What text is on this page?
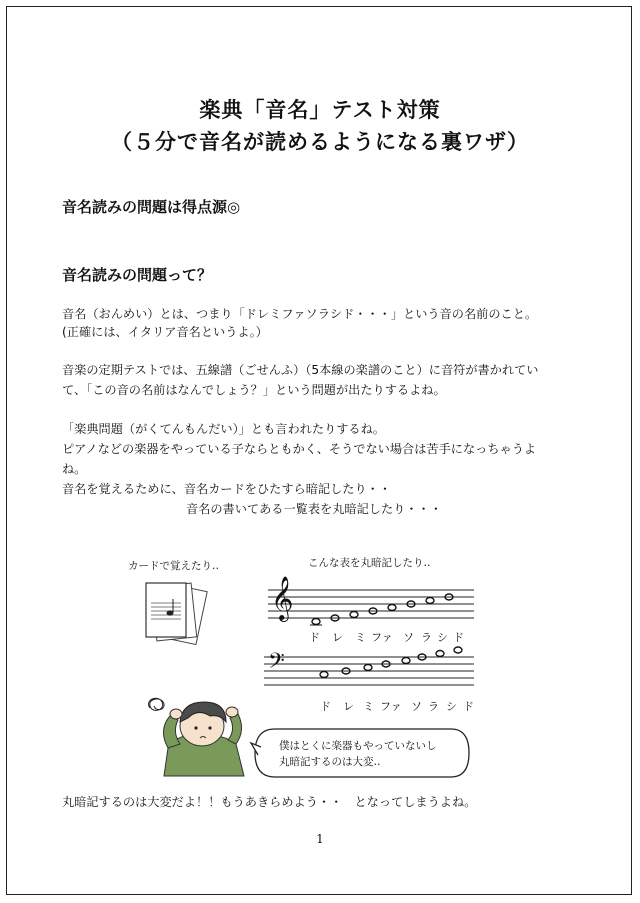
楽典「音名」テスト対策
（５分で音名が読めるようになる裏ワザ）
音名読みの問題は得点源◎
音名読みの問題って？
音名（おんめい）とは、つまり「ドレミファソラシド・・・」という音の名前のこと。
(正確には、イタリア音名というよ。）
音楽の定期テストでは、五線譜（ごせんふ）（5本線の楽譜のこと）に音符が書かれてい
て、「この音の名前はなんでしょう？」という問題が出たりするよね。
「楽典問題（がくてんもんだい）」とも言われたりするね。
ピアノなどの楽器をやっている子ならともかく、そうでない場合は苦手になっちゃうよ
ね。
音名を覚えるために、音名カードをひたすら暗記したり・・
音名の書いてある一覧表を丸暗記したり・・・
カードで覚えたり‥	こんな表を丸暗記したり‥
𝄞
ド レ ミ ファ ソ ラ シ ド
𝄢
ド レ ミ ファ ソ ラ シ ド
僕はとくに楽器もやっていないし
丸暗記するのは大変‥
丸暗記するのは大変だよ！！もうあきらめよう・・　となってしまうよね。
1
